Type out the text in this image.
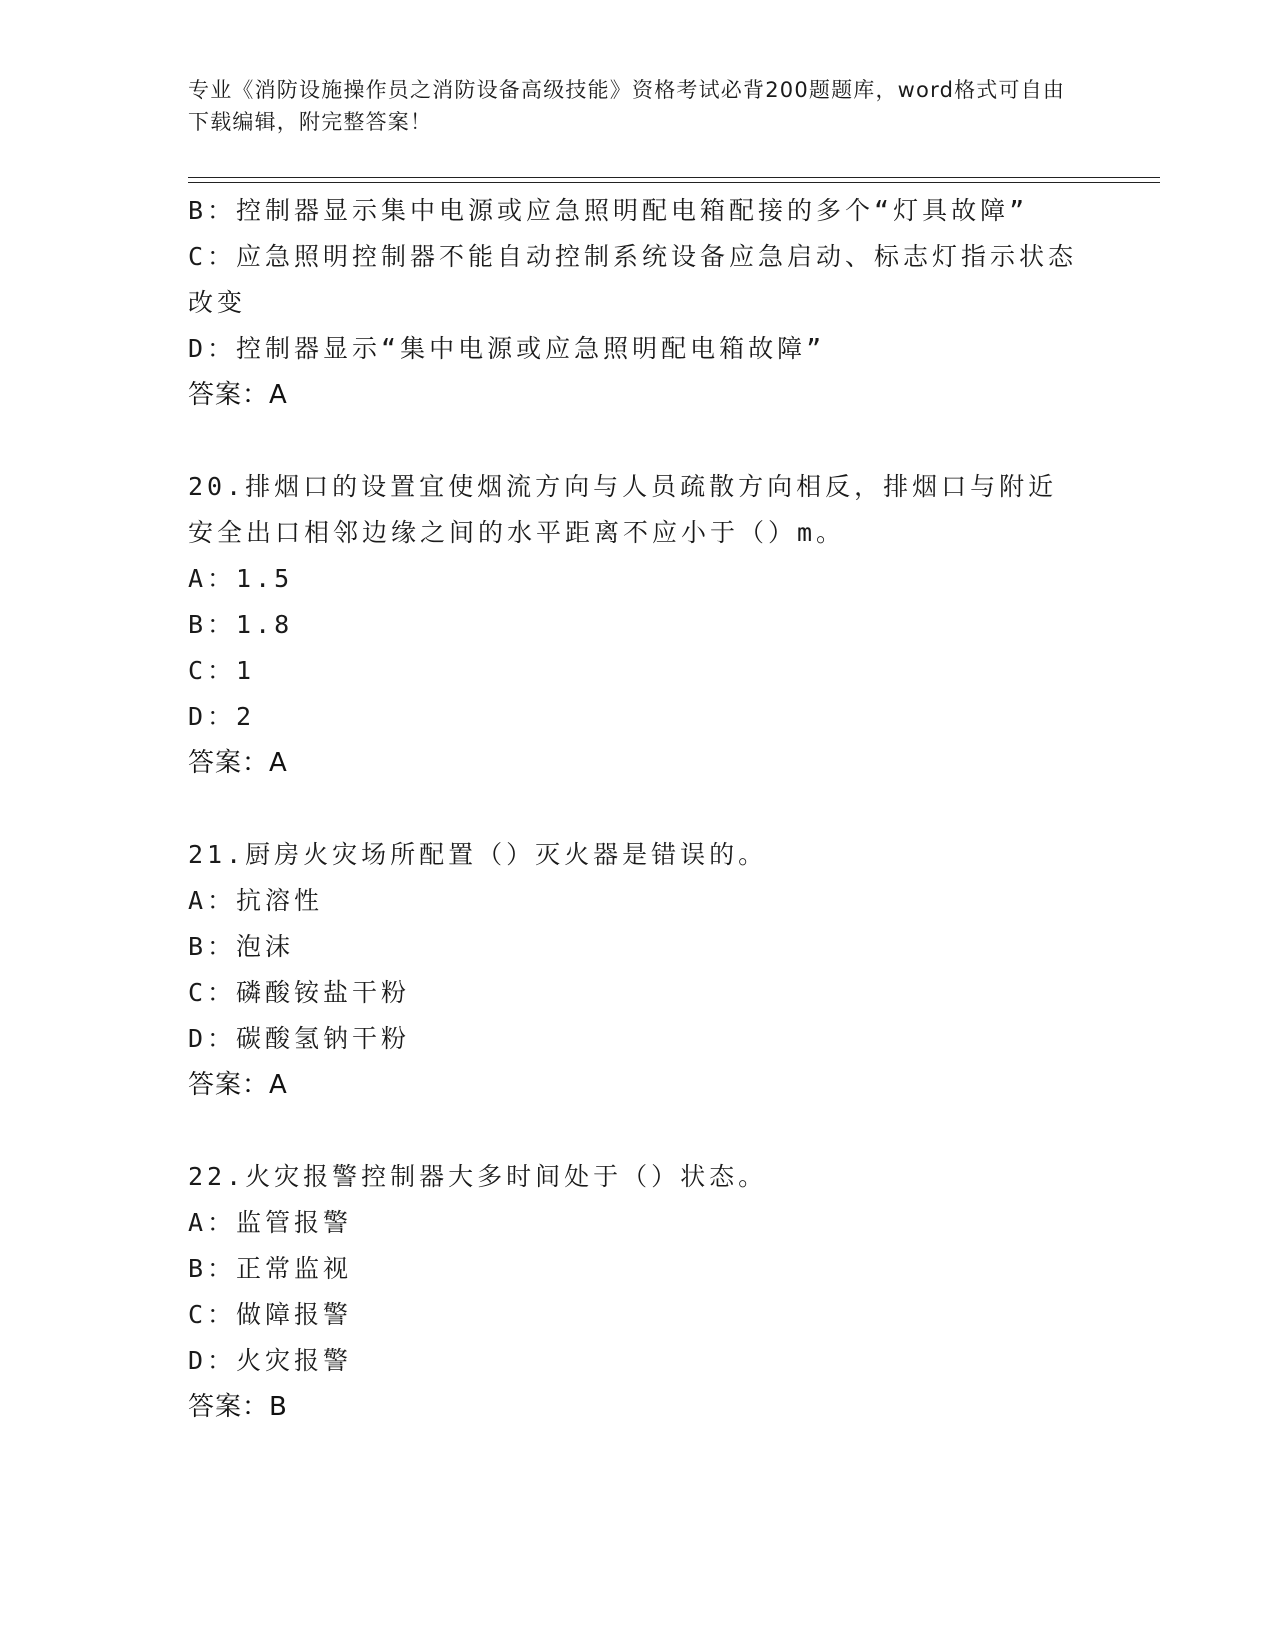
专业《消防设施操作员之消防设备高级技能》资格考试必背200题题库，word格式可自由下载编辑，附完整答案！
B：控制器显示集中电源或应急照明配电箱配接的多个“灯具故障”
C：应急照明控制器不能自动控制系统设备应急启动、标志灯指示状态改变
D：控制器显示“集中电源或应急照明配电箱故障”
答案：A
20.排烟口的设置宜使烟流方向与人员疏散方向相反，排烟口与附近安全出口相邻边缘之间的水平距离不应小于（）m。
A：1.5
B：1.8
C：1
D：2
答案：A
21.厨房火灾场所配置（）灭火器是错误的。
A：抗溶性
B：泡沫
C：磷酸铵盐干粉
D：碳酸氢钠干粉
答案：A
22.火灾报警控制器大多时间处于（）状态。
A：监管报警
B：正常监视
C：做障报警
D：火灾报警
答案：B
